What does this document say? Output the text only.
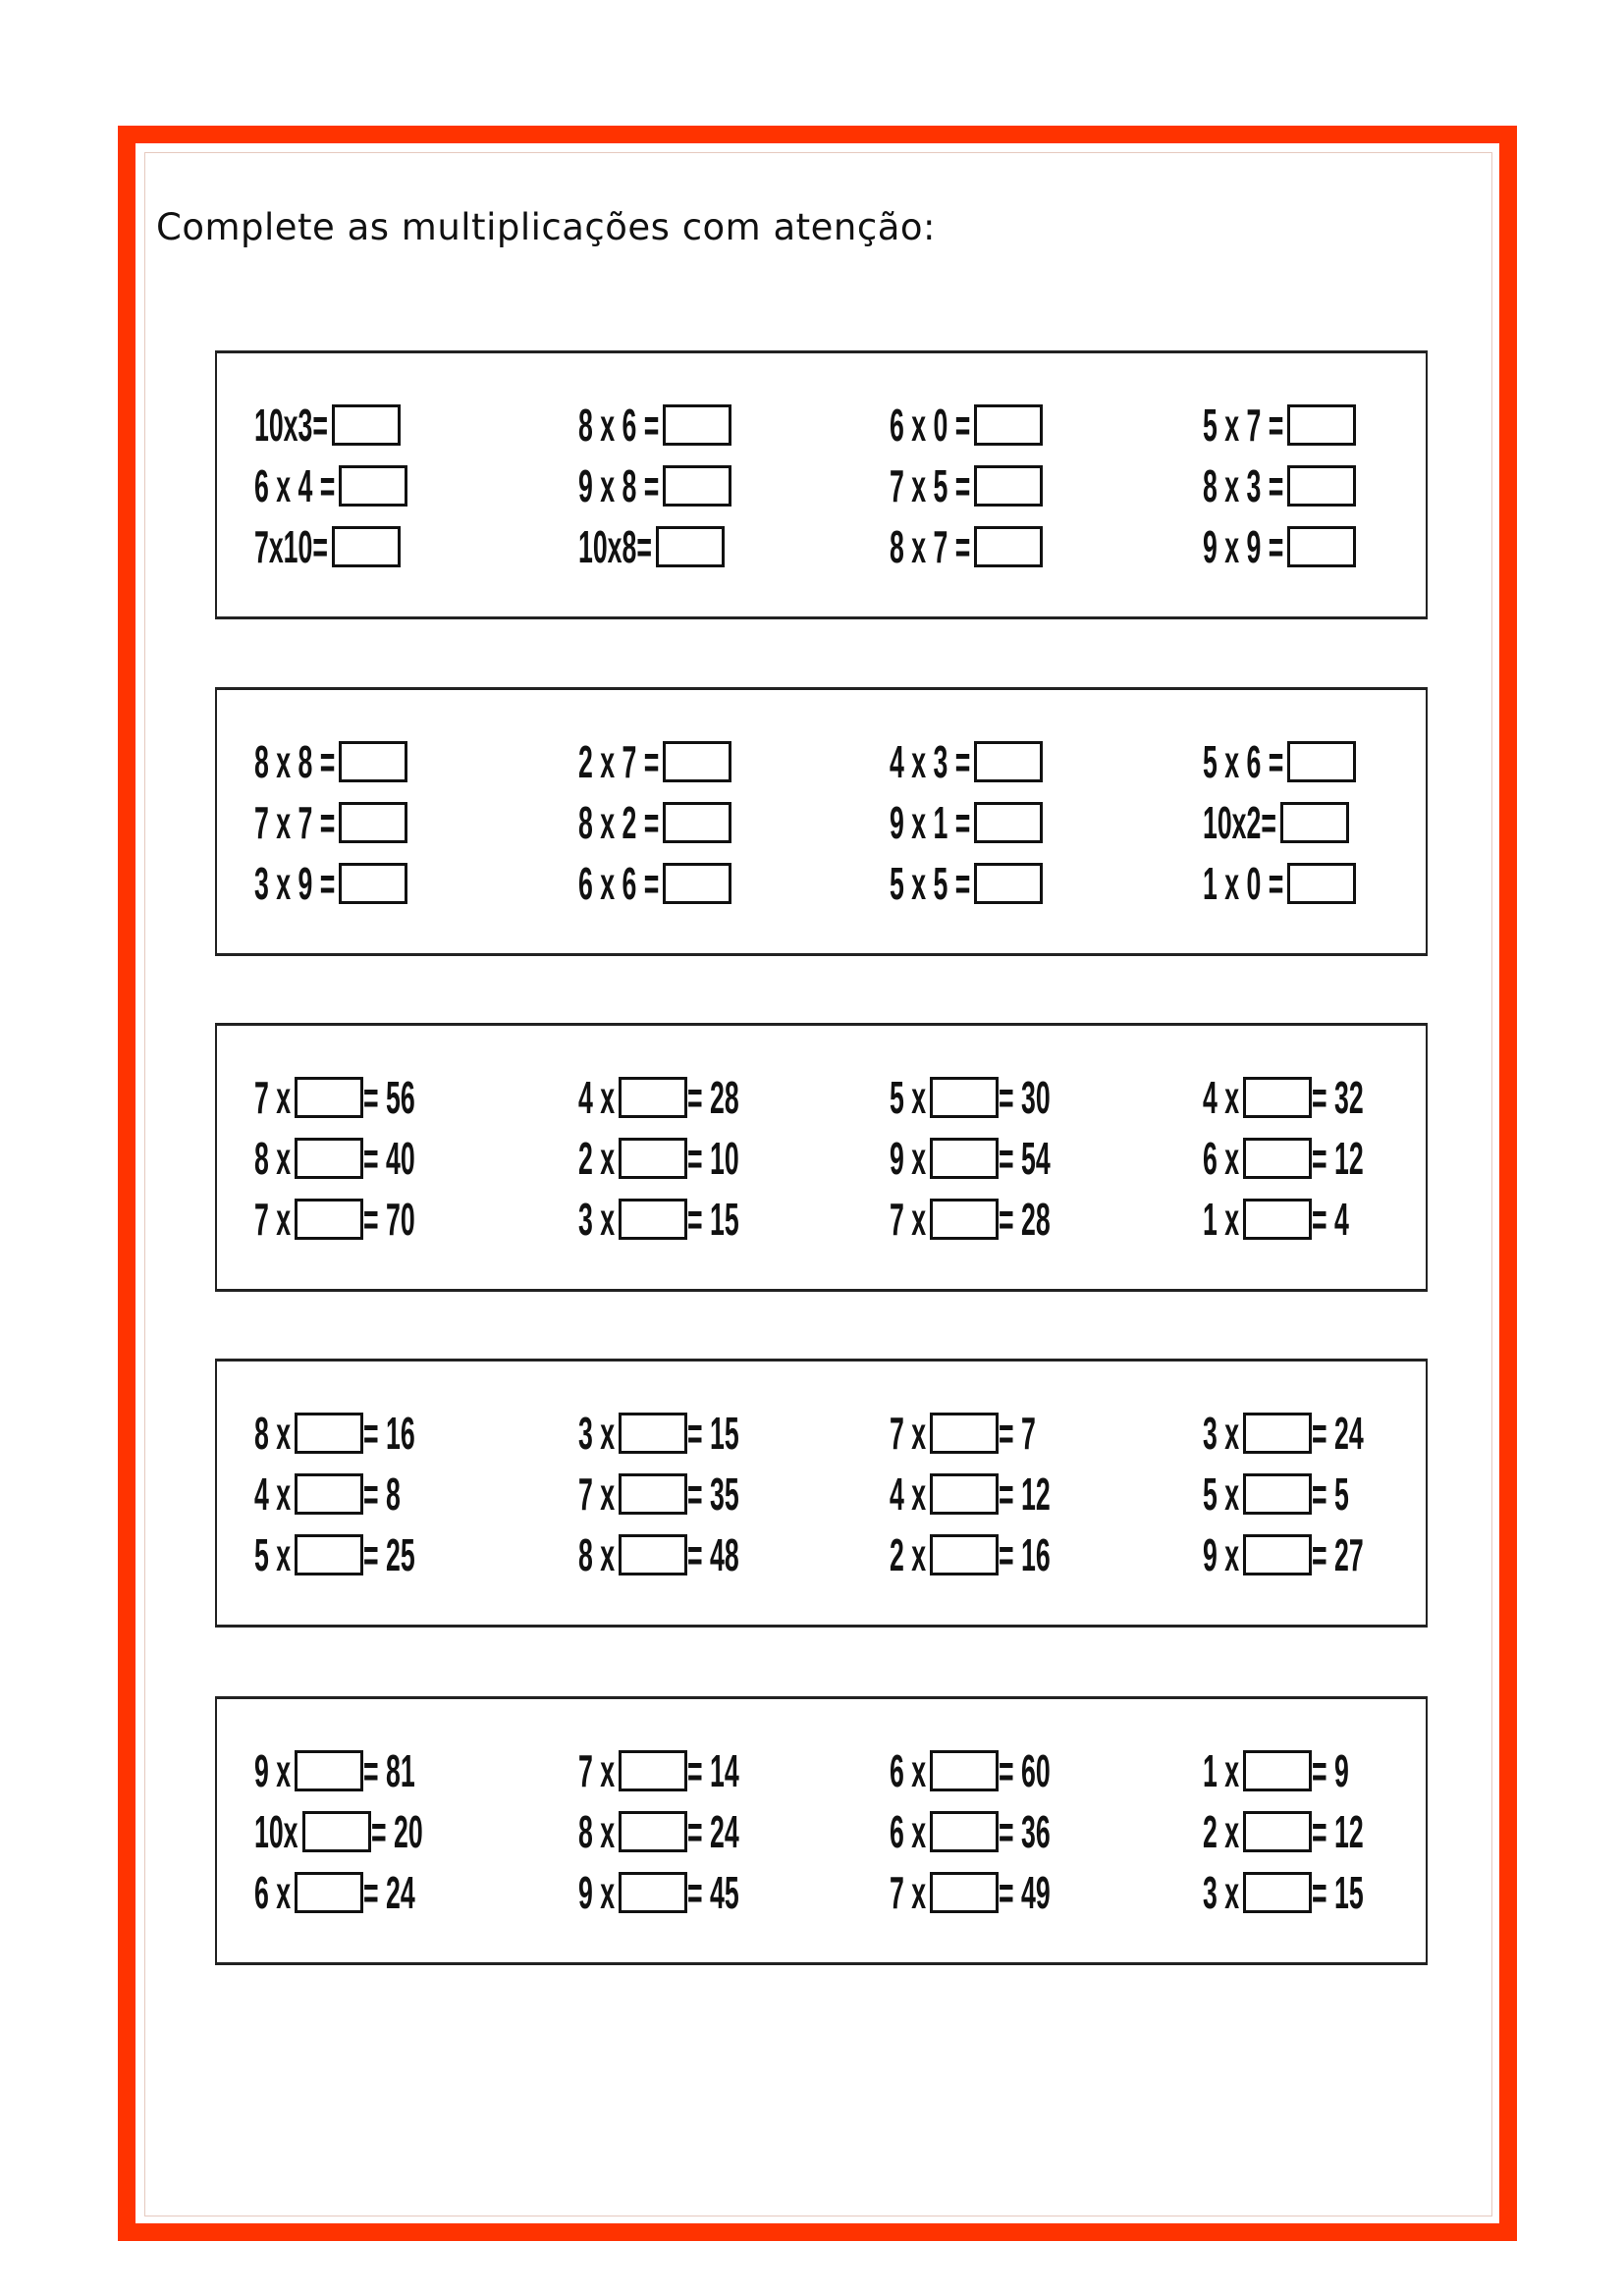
Complete as multiplicações com atenção:
10x3=	8 x 6 =	6 x 0 =	5 x 7 =
6 x 4 =	9 x 8 =	7 x 5 =	8 x 3 =
7x10=	10x8=	8 x 7 =	9 x 9 =
8 x 8 =	2 x 7 =	4 x 3 =	5 x 6 =
7 x 7 =	8 x 2 =	9 x 1 =	10x2=
3 x 9 =	6 x 6 =	5 x 5 =	1 x 0 =
7 x = 56	4 x = 28	5 x = 30	4 x = 32
8 x = 40	2 x = 10	9 x = 54	6 x = 12
7 x = 70	3 x = 15	7 x = 28	1 x = 4
8 x = 16	3 x = 15	7 x = 7	3 x = 24
4 x = 8	7 x = 35	4 x = 12	5 x = 5
5 x = 25	8 x = 48	2 x = 16	9 x = 27
9 x = 81	7 x = 14	6 x = 60	1 x = 9
10x = 20	8 x = 24	6 x = 36	2 x = 12
6 x = 24	9 x = 45	7 x = 49	3 x = 15
